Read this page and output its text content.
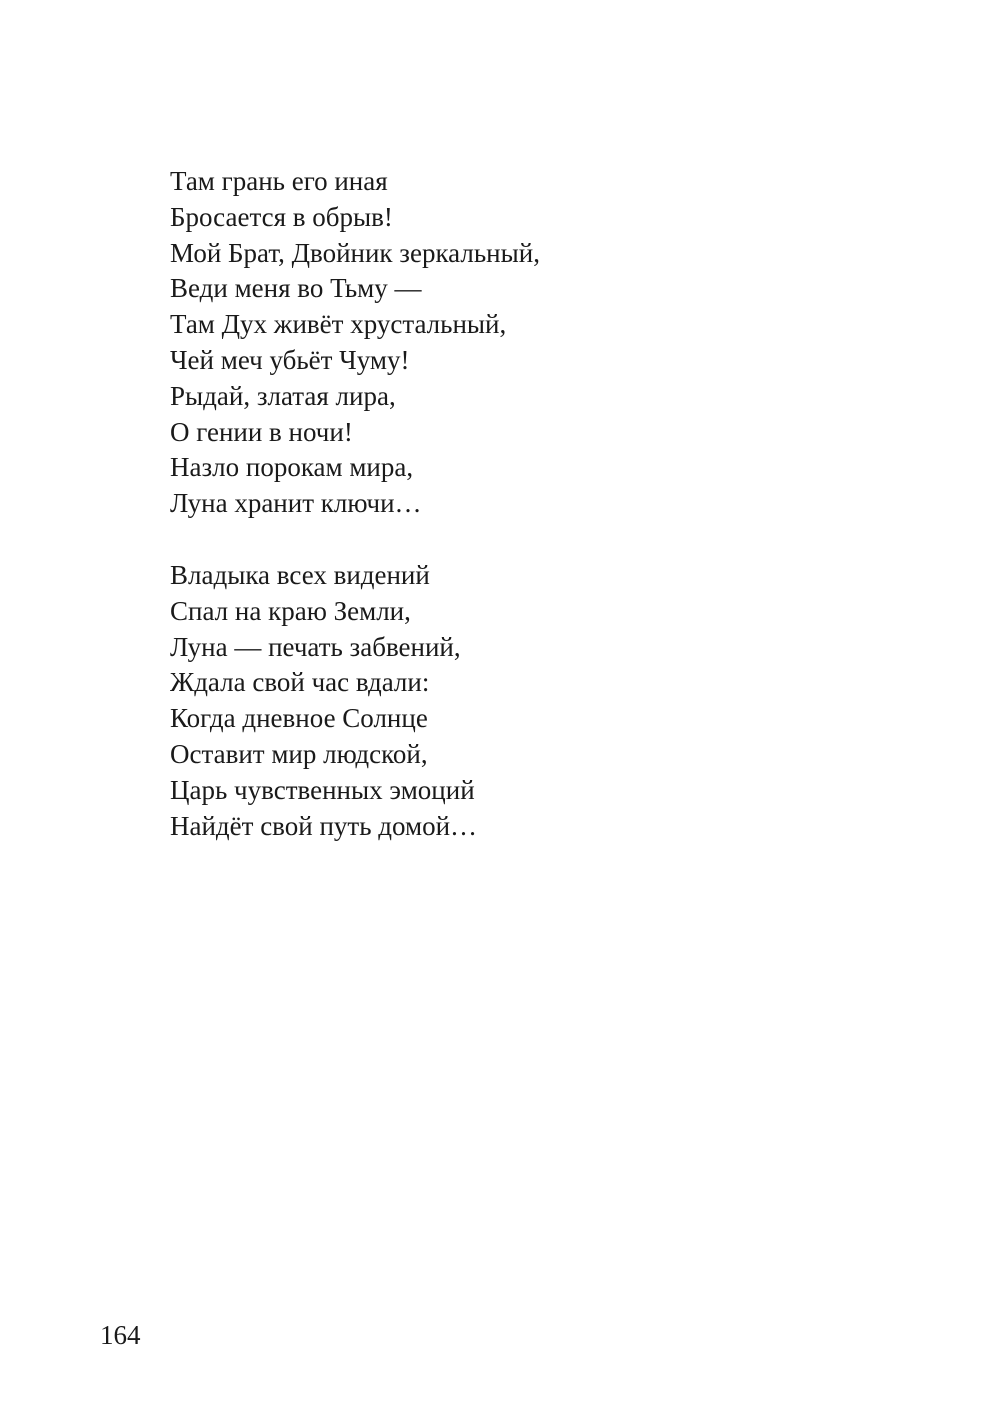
Там грань его иная
Бросается в обрыв!
Мой Брат, Двойник зеркальный,
Веди меня во Тьму —
Там Дух живёт хрустальный,
Чей меч убьёт Чуму!
Рыдай, златая лира,
О гении в ночи!
Назло порокам мира,
Луна хранит ключи…
Владыка всех видений
Спал на краю Земли,
Луна — печать забвений,
Ждала свой час вдали:
Когда дневное Солнце
Оставит мир людской,
Царь чувственных эмоций
Найдёт свой путь домой…
164
